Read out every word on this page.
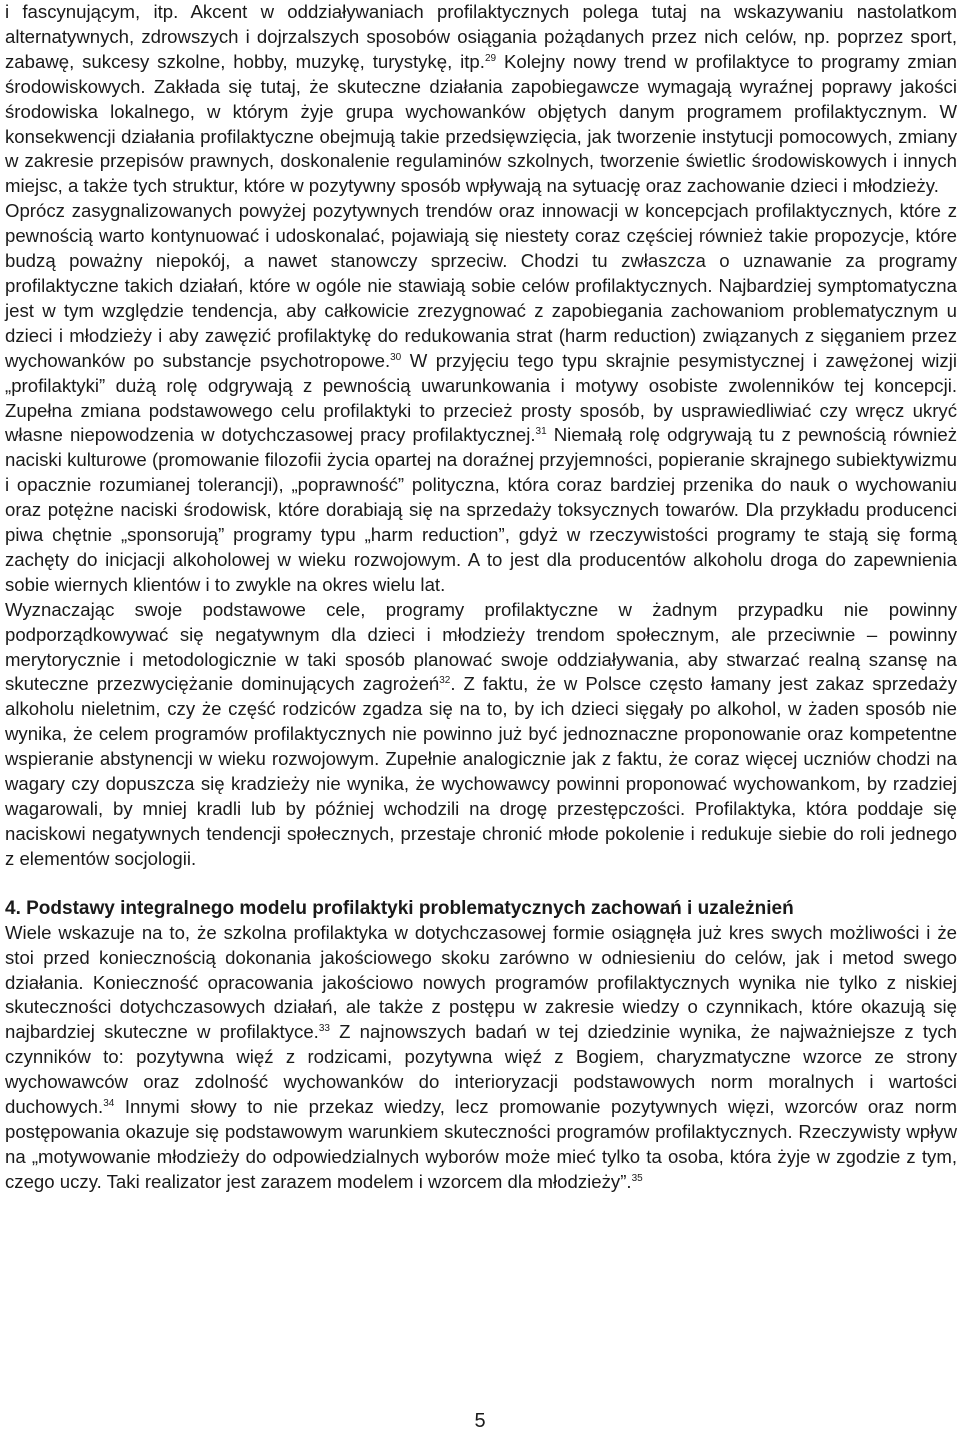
i fascynującym, itp. Akcent w oddziaływaniach profilaktycznych polega tutaj na wskazywaniu nastolatkom alternatywnych, zdrowszych i dojrzalszych sposobów osiągania pożądanych przez nich celów, np. poprzez sport, zabawę, sukcesy szkolne, hobby, muzykę, turystykę, itp.$^{29}$ Kolejny nowy trend w profilaktyce to programy zmian środowiskowych. Zakłada się tutaj, że skuteczne działania zapobiegawcze wymagają wyraźnej poprawy jakości środowiska lokalnego, w którym żyje grupa wychowanków objętych danym programem profilaktycznym. W konsekwencji działania profilaktyczne obejmują takie przedsięwzięcia, jak tworzenie instytucji pomocowych, zmiany w zakresie przepisów prawnych, doskonalenie regulaminów szkolnych, tworzenie świetlic środowiskowych i innych miejsc, a także tych struktur, które w pozytywny sposób wpływają na sytuację oraz zachowanie dzieci i młodzieży.

Oprócz zasygnalizowanych powyżej pozytywnych trendów oraz innowacji w koncepcjach profilaktycznych, które z pewnością warto kontynuować i udoskonalać, pojawiają się niestety coraz częściej również takie propozycje, które budzą poważny niepokój, a nawet stanowczy sprzeciw. Chodzi tu zwłaszcza o uznawanie za programy profilaktyczne takich działań, które w ogóle nie stawiają sobie celów profilaktycznych. Najbardziej symptomatyczna jest w tym względzie tendencja, aby całkowicie zrezygnować z zapobiegania zachowaniom problematycznym u dzieci i młodzieży i aby zawęzić profilaktykę do redukowania strat (harm reduction) związanych z sięganiem przez wychowanków po substancje psychotropowe.$^{30}$ W przyjęciu tego typu skrajnie pesymistycznej i zawężonej wizji „profilaktyki” dużą rolę odgrywają z pewnością uwarunkowania i motywy osobiste zwolenników tej koncepcji. Zupełna zmiana podstawowego celu profilaktyki to przecież prosty sposób, by usprawiedliwiać czy wręcz ukryć własne niepowodzenia w dotychczasowej pracy profilaktycznej.$^{31}$ Niemałą rolę odgrywają tu z pewnością również naciski kulturowe (promowanie filozofii życia opartej na doraźnej przyjemności, popieranie skrajnego subiektywizmu i opacznie rozumianej tolerancji), „poprawność” polityczna, która coraz bardziej przenika do nauk o wychowaniu oraz potężne naciski środowisk, które dorabiają się na sprzedaży toksycznych towarów. Dla przykładu producenci piwa chętnie „sponsorują” programy typu „harm reduction”, gdyż w rzeczywistości programy te stają się formą zachęty do inicjacji alkoholowej w wieku rozwojowym. A to jest dla producentów alkoholu droga do zapewnienia sobie wiernych klientów i to zwykle na okres wielu lat.

Wyznaczając swoje podstawowe cele, programy profilaktyczne w żadnym przypadku nie powinny podporządkowywać się negatywnym dla dzieci i młodzieży trendom społecznym, ale przeciwnie – powinny merytorycznie i metodologicznie w taki sposób planować swoje oddziaływania, aby stwarzać realną szansę na skuteczne przezwyciężanie dominujących zagrożeń$^{32}$. Z faktu, że w Polsce często łamany jest zakaz sprzedaży alkoholu nieletnim, czy że część rodziców zgadza się na to, by ich dzieci sięgały po alkohol, w żaden sposób nie wynika, że celem programów profilaktycznych nie powinno już być jednoznaczne proponowanie oraz kompetentne wspieranie abstynencji w wieku rozwojowym. Zupełnie analogicznie jak z faktu, że coraz więcej uczniów chodzi na wagary czy dopuszcza się kradzieży nie wynika, że wychowawcy powinni proponować wychowankom, by rzadziej wagarowali, by mniej kradli lub by później wchodzili na drogę przestępczości. Profilaktyka, która poddaje się naciskowi negatywnych tendencji społecznych, przestaje chronić młode pokolenie i redukuje siebie do roli jednego z elementów socjologii.

4. Podstawy integralnego modelu profilaktyki problematycznych zachowań i uzależnień

Wiele wskazuje na to, że szkolna profilaktyka w dotychczasowej formie osiągnęła już kres swych możliwości i że stoi przed koniecznością dokonania jakościowego skoku zarówno w odniesieniu do celów, jak i metod swego działania. Konieczność opracowania jakościowo nowych programów profilaktycznych wynika nie tylko z niskiej skuteczności dotychczasowych działań, ale także z postępu w zakresie wiedzy o czynnikach, które okazują się najbardziej skuteczne w profilaktyce.$^{33}$ Z najnowszych badań w tej dziedzinie wynika, że najważniejsze z tych czynników to: pozytywna więź z rodzicami, pozytywna więź z Bogiem, charyzmatyczne wzorce ze strony wychowawców oraz zdolność wychowanków do interioryzacji podstawowych norm moralnych i wartości duchowych.$^{34}$ Innymi słowy to nie przekaz wiedzy, lecz promowanie pozytywnych więzi, wzorców oraz norm postępowania okazuje się podstawowym warunkiem skuteczności programów profilaktycznych. Rzeczywisty wpływ na „motywowanie młodzieży do odpowiedzialnych wyborów może mieć tylko ta osoba, która żyje w zgodzie z tym, czego uczy. Taki realizator jest zarazem modelem i wzorcem dla młodzieży”.$^{35}$

5
